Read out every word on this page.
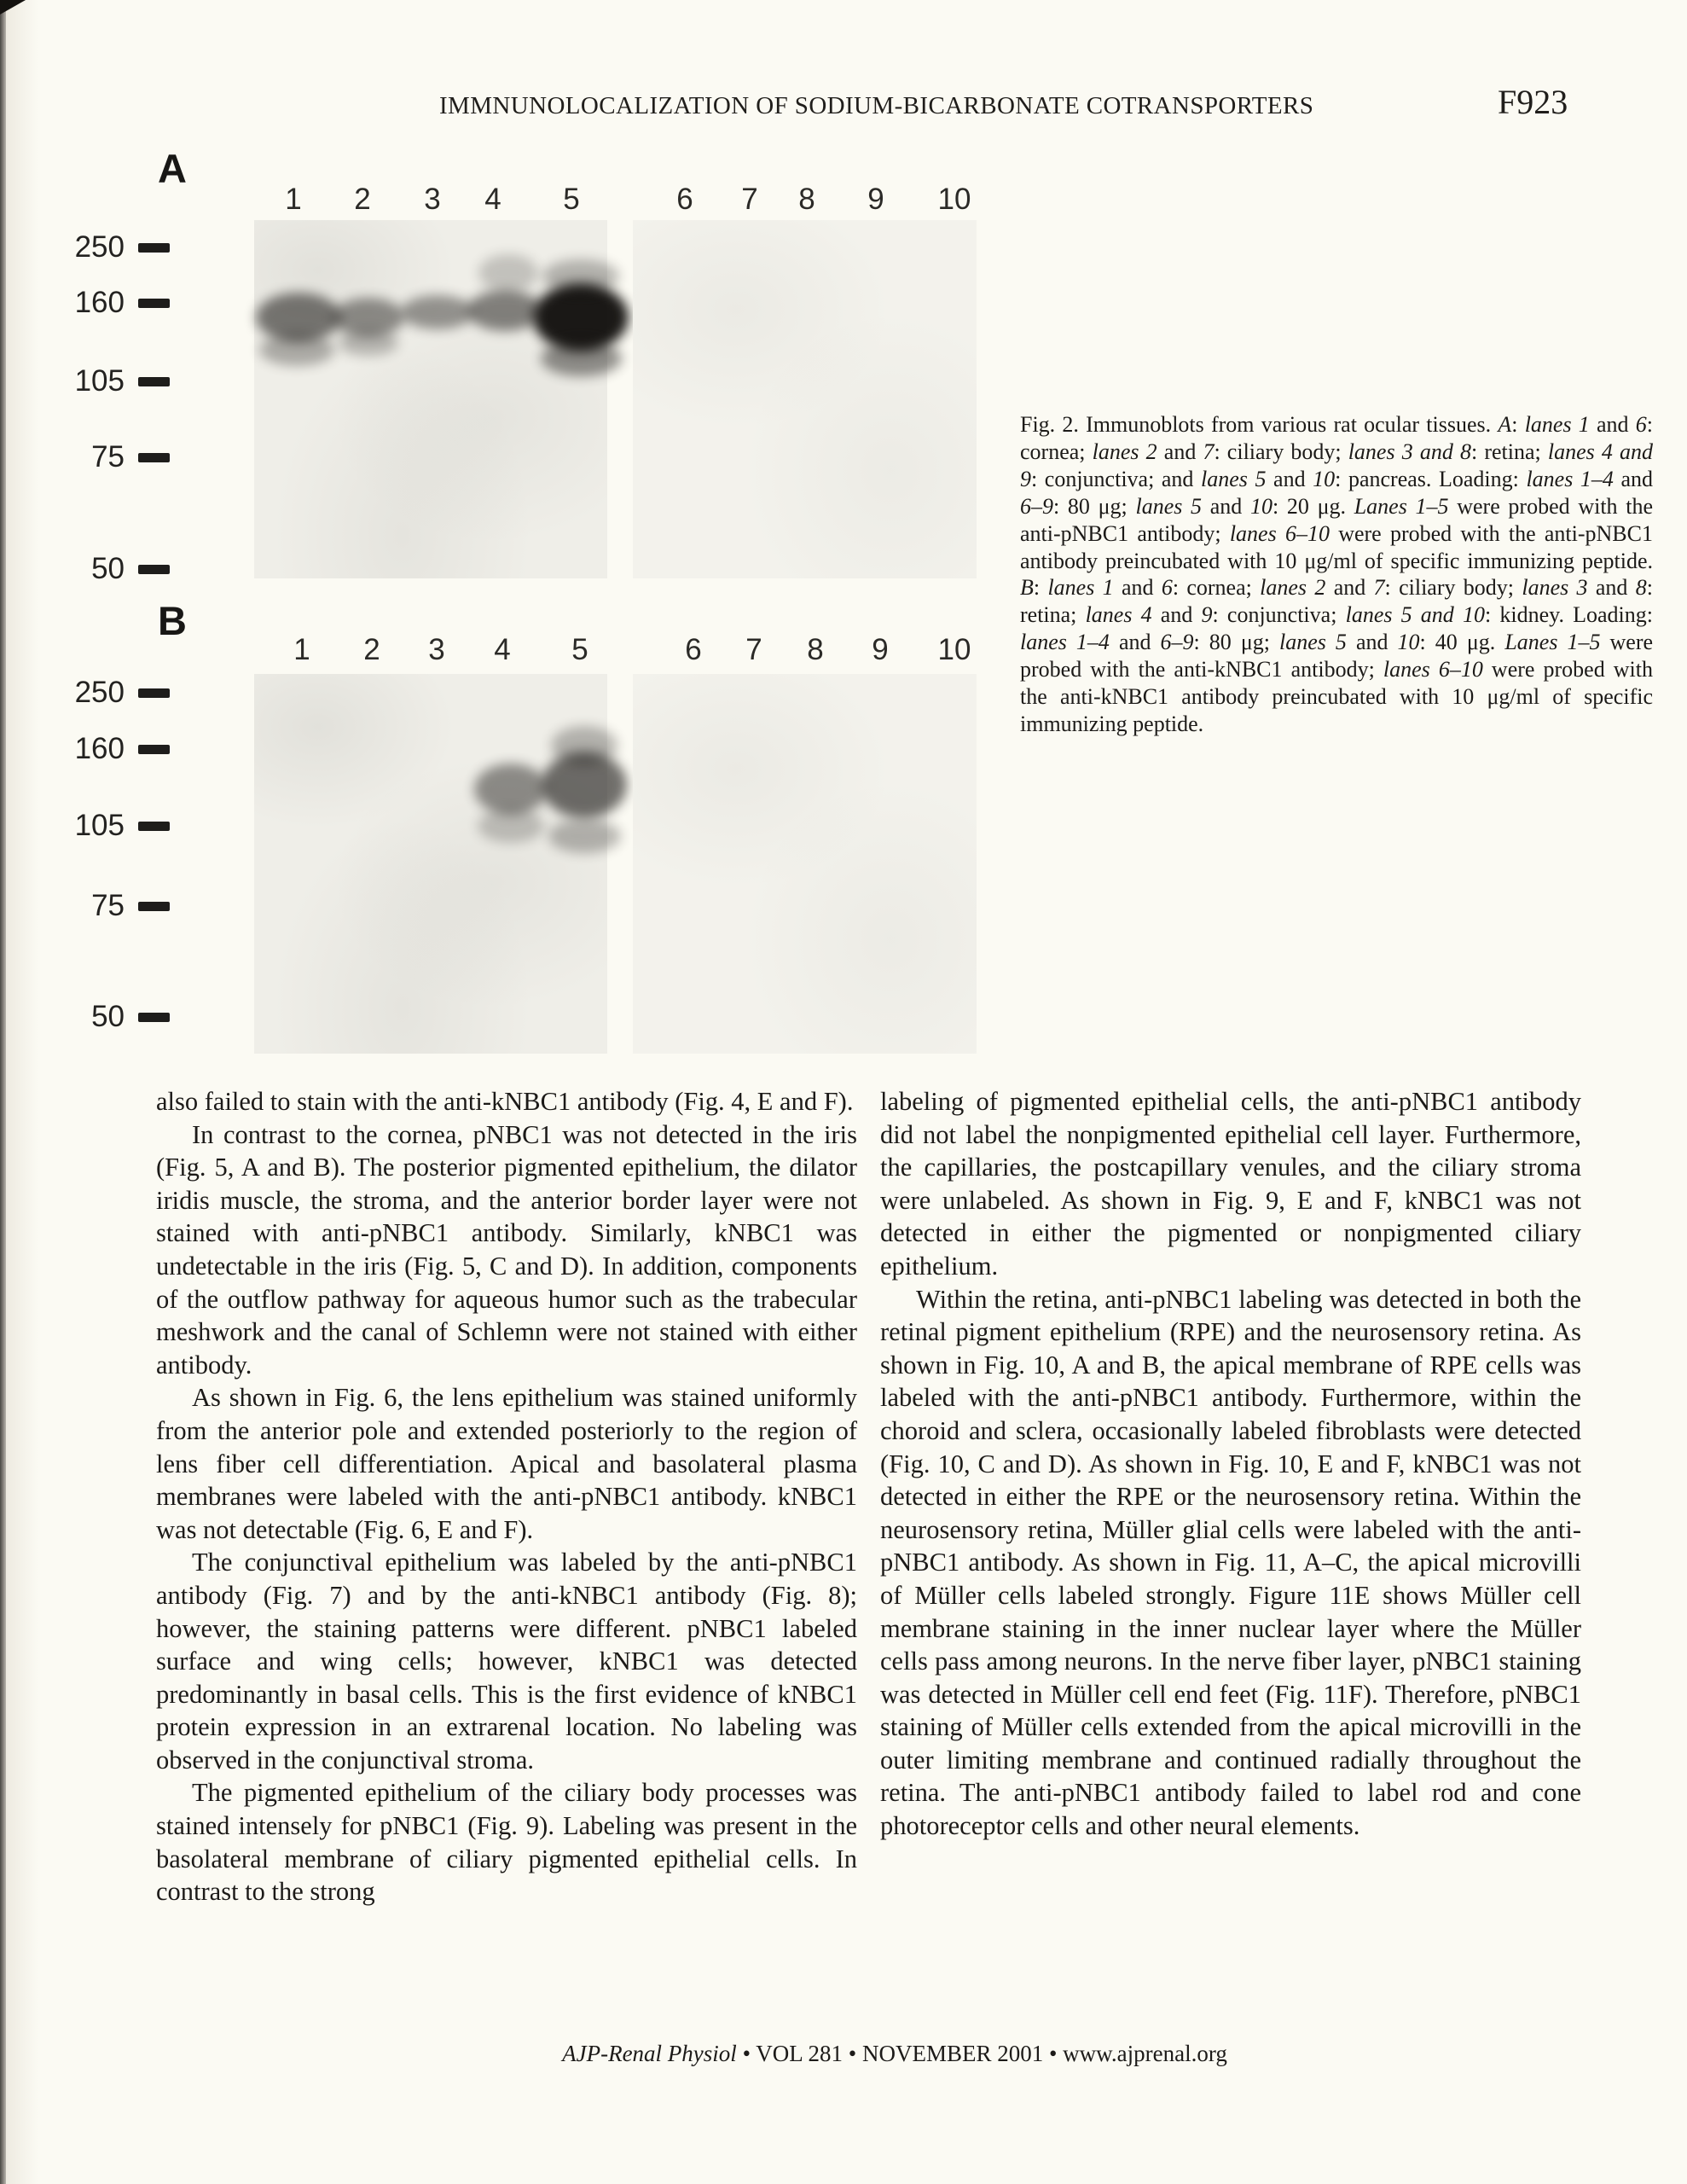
IMMNUNOLOCALIZATION OF SODIUM-BICARBONATE COTRANSPORTERS	F923
A
1 2 3 4 5	6 7 8 9 10
250
160
105
75
50
B
1 2 3 4 5	6 7 8 9 10
250
160
105
75
50
Fig. 2. Immunoblots from various rat ocular tissues. A: lanes 1 and 6: cornea; lanes 2 and 7: ciliary body; lanes 3 and 8: retina; lanes 4 and 9: conjunctiva; and lanes 5 and 10: pancreas. Loading: lanes 1–4 and 6–9: 80 μg; lanes 5 and 10: 20 μg. Lanes 1–5 were probed with the anti-pNBC1 antibody; lanes 6–10 were probed with the anti-pNBC1 antibody preincubated with 10 μg/ml of specific immunizing peptide. B: lanes 1 and 6: cornea; lanes 2 and 7: ciliary body; lanes 3 and 8: retina; lanes 4 and 9: conjunctiva; lanes 5 and 10: kidney. Loading: lanes 1–4 and 6–9: 80 μg; lanes 5 and 10: 40 μg. Lanes 1–5 were probed with the anti-kNBC1 antibody; lanes 6–10 were probed with the anti-kNBC1 antibody preincubated with 10 μg/ml of specific immunizing peptide.

also failed to stain with the anti-kNBC1 antibody (Fig. 4, E and F).

In contrast to the cornea, pNBC1 was not detected in the iris (Fig. 5, A and B). The posterior pigmented epithelium, the dilator iridis muscle, the stroma, and the anterior border layer were not stained with anti-pNBC1 antibody. Similarly, kNBC1 was undetectable in the iris (Fig. 5, C and D). In addition, components of the outflow pathway for aqueous humor such as the trabecular meshwork and the canal of Schlemn were not stained with either antibody.

As shown in Fig. 6, the lens epithelium was stained uniformly from the anterior pole and extended posteriorly to the region of lens fiber cell differentiation. Apical and basolateral plasma membranes were labeled with the anti-pNBC1 antibody. kNBC1 was not detectable (Fig. 6, E and F).

The conjunctival epithelium was labeled by the anti-pNBC1 antibody (Fig. 7) and by the anti-kNBC1 antibody (Fig. 8); however, the staining patterns were different. pNBC1 labeled surface and wing cells; however, kNBC1 was detected predominantly in basal cells. This is the first evidence of kNBC1 protein expression in an extrarenal location. No labeling was observed in the conjunctival stroma.

The pigmented epithelium of the ciliary body processes was stained intensely for pNBC1 (Fig. 9). Labeling was present in the basolateral membrane of ciliary pigmented epithelial cells. In contrast to the strong

labeling of pigmented epithelial cells, the anti-pNBC1 antibody did not label the nonpigmented epithelial cell layer. Furthermore, the capillaries, the postcapillary venules, and the ciliary stroma were unlabeled. As shown in Fig. 9, E and F, kNBC1 was not detected in either the pigmented or nonpigmented ciliary epithelium.

Within the retina, anti-pNBC1 labeling was detected in both the retinal pigment epithelium (RPE) and the neurosensory retina. As shown in Fig. 10, A and B, the apical membrane of RPE cells was labeled with the anti-pNBC1 antibody. Furthermore, within the choroid and sclera, occasionally labeled fibroblasts were detected (Fig. 10, C and D). As shown in Fig. 10, E and F, kNBC1 was not detected in either the RPE or the neurosensory retina. Within the neurosensory retina, Müller glial cells were labeled with the anti-pNBC1 antibody. As shown in Fig. 11, A–C, the apical microvilli of Müller cells labeled strongly. Figure 11E shows Müller cell membrane staining in the inner nuclear layer where the Müller cells pass among neurons. In the nerve fiber layer, pNBC1 staining was detected in Müller cell end feet (Fig. 11F). Therefore, pNBC1 staining of Müller cells extended from the apical microvilli in the outer limiting membrane and continued radially throughout the retina. The anti-pNBC1 antibody failed to label rod and cone photoreceptor cells and other neural elements.

AJP-Renal Physiol • VOL 281 • NOVEMBER 2001 • www.ajprenal.org
